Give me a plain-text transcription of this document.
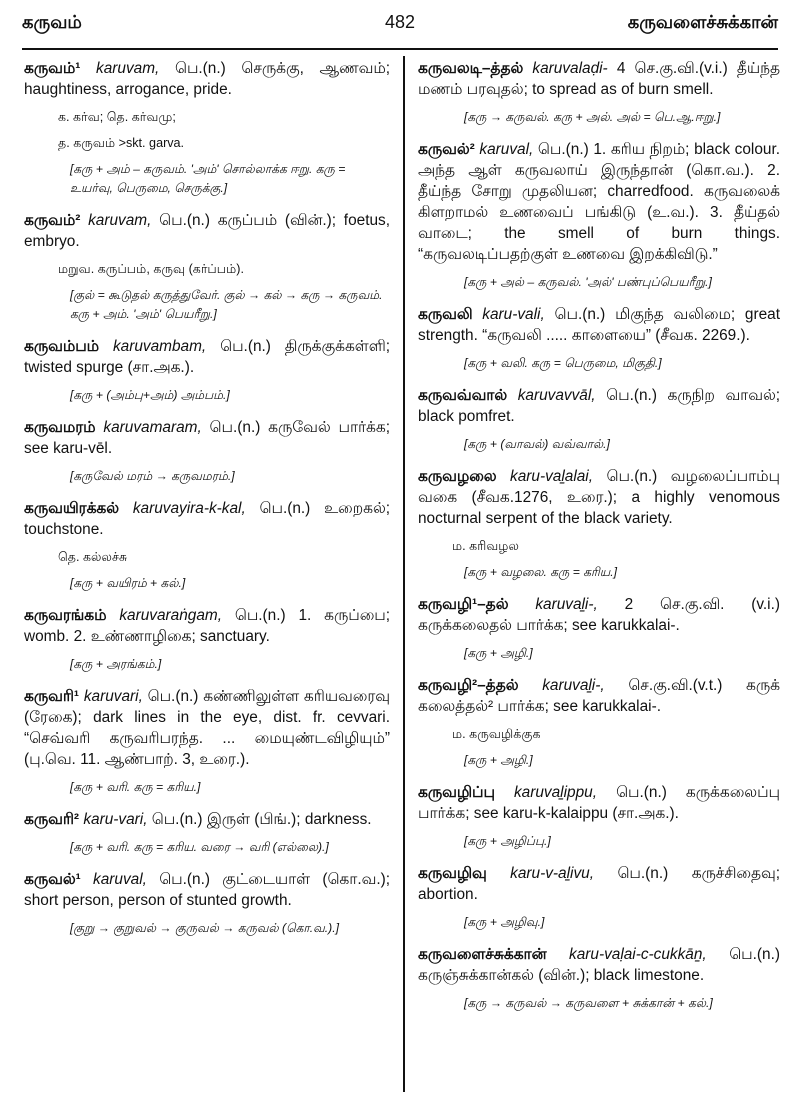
கருவம்	482	கருவளைச்சுக்கான்
கருவம்¹ karuvam, பெ.(n.) செருக்கு, ஆணவம்; haughtiness, arrogance, pride.
க. கர்வ; தெ. கர்வமு;
த. கருவம் >skt. garva.
[கரு + அம் – கருவம். 'அம்' சொல்லாக்க ஈறு. கரு = உயர்வு, பெருமை, செருக்கு.]
கருவம்² karuvam, பெ.(n.) கருப்பம் (வின்.); foetus, embryo.
மறுவ. கருப்பம், கருவு (கர்ப்பம்).
[குல் = கூடுதல் கருத்துவேர். குல் → கல் → கரு → கருவம். கரு + அம். 'அம்' பெயரீறு.]
கருவம்பம் karuvambam, பெ.(n.) திருக்குக்கள்ளி; twisted spurge (சா.அக.).
[கரு + (அம்பு+அம்) அம்பம்.]
கருவமரம் karuvamaram, பெ.(n.) கருவேல் பார்க்க; see karu-vēl.
[கருவேல் மரம் → கருவமரம்.]
கருவயிரக்கல் karuvayira-k-kal, பெ.(n.) உறைகல்; touchstone.
தெ. கல்லச்சு
[கரு + வயிரம் + கல்.]
கருவரங்கம் karuvaraṅgam, பெ.(n.) 1. கருப்பை; womb. 2. உண்ணாழிகை; sanctuary.
[கரு + அரங்கம்.]
கருவரி¹ karuvari, பெ.(n.) கண்ணிலுள்ள கரியவரைவு (ரேகை); dark lines in the eye, dist. fr. cevvari. “செவ்வரி கருவரிபரந்த. ... மையுண்டவிழியும்” (பு.வெ. 11. ஆண்பாற். 3, உரை.).
[கரு + வரி. கரு = கரிய.]
கருவரி² karu-vari, பெ.(n.) இருள் (பிங்.); darkness.
[கரு + வரி. கரு = கரிய. வரை → வரி (எல்லை).]
கருவல்¹ karuval, பெ.(n.) குட்டையாள் (கொ.வ.); short person, person of stunted growth.
[குறு → குறுவல் → குருவல் → கருவல் (கொ.வ.).]
கருவலடி–த்தல் karuvalaḍi- 4 செ.கு.வி.(v.i.) தீய்ந்த மணம் பரவுதல்; to spread as of burn smell.
[கரு → கருவல். கரு + அல். அல் = பெ.ஆ.ஈறு.]
கருவல்² karuval, பெ.(n.) 1. கரிய நிறம்; black colour. அந்த ஆள் கருவலாய் இருந்தான் (கொ.வ.). 2. தீய்ந்த சோறு முதலியன; charredfood. கருவலைக் கிளறாமல் உணவைப் பங்கிடு (உ.வ.). 3. தீய்தல் வாடை; the smell of burn things. “கருவலடிப்பதற்குள் உணவை இறக்கிவிடு.”
[கரு + அல் – கருவல். 'அல்' பண்புப்பெயரீறு.]
கருவலி karu-vali, பெ.(n.) மிகுந்த வலிமை; great strength. “கருவலி ..... காளையை” (சீவக. 2269.).
[கரு + வலி. கரு = பெருமை, மிகுதி.]
கருவவ்வால் karuvavvāl, பெ.(n.) கருநிற வாவல்; black pomfret.
[கரு + (வாவல்) வவ்வால்.]
கருவழலை karu-vaḻalai, பெ.(n.) வழலைப்பாம்பு வகை (சீவக.1276, உரை.); a highly venomous nocturnal serpent of the black variety.
ம. கரிவழல
[கரு + வழலை. கரு = கரிய.]
கருவழி¹–தல் karuvaḻi-, 2 செ.கு.வி. (v.i.) கருக்கலைதல் பார்க்க; see karukkalai-.
[கரு + அழி.]
கருவழி²–த்தல் karuvaḻi-, செ.கு.வி.(v.t.) கருக் கலைத்தல்² பார்க்க; see karukkalai-.
ம. கருவழிக்குக
[கரு + அழி.]
கருவழிப்பு karuvaḻippu, பெ.(n.) கருக்கலைப்பு பார்க்க; see karu-k-kalaippu (சா.அக.).
[கரு + அழிப்பு.]
கருவழிவு karu-v-aḻivu, பெ.(n.) கருச்சிதைவு; abortion.
[கரு + அழிவு.]
கருவளைச்சுக்கான் karu-vaḷai-c-cukkāṉ, பெ.(n.) கருஞ்சுக்கான்கல் (வின்.); black limestone.
[கரு → கருவல் → கருவளை + சுக்கான் + கல்.]
